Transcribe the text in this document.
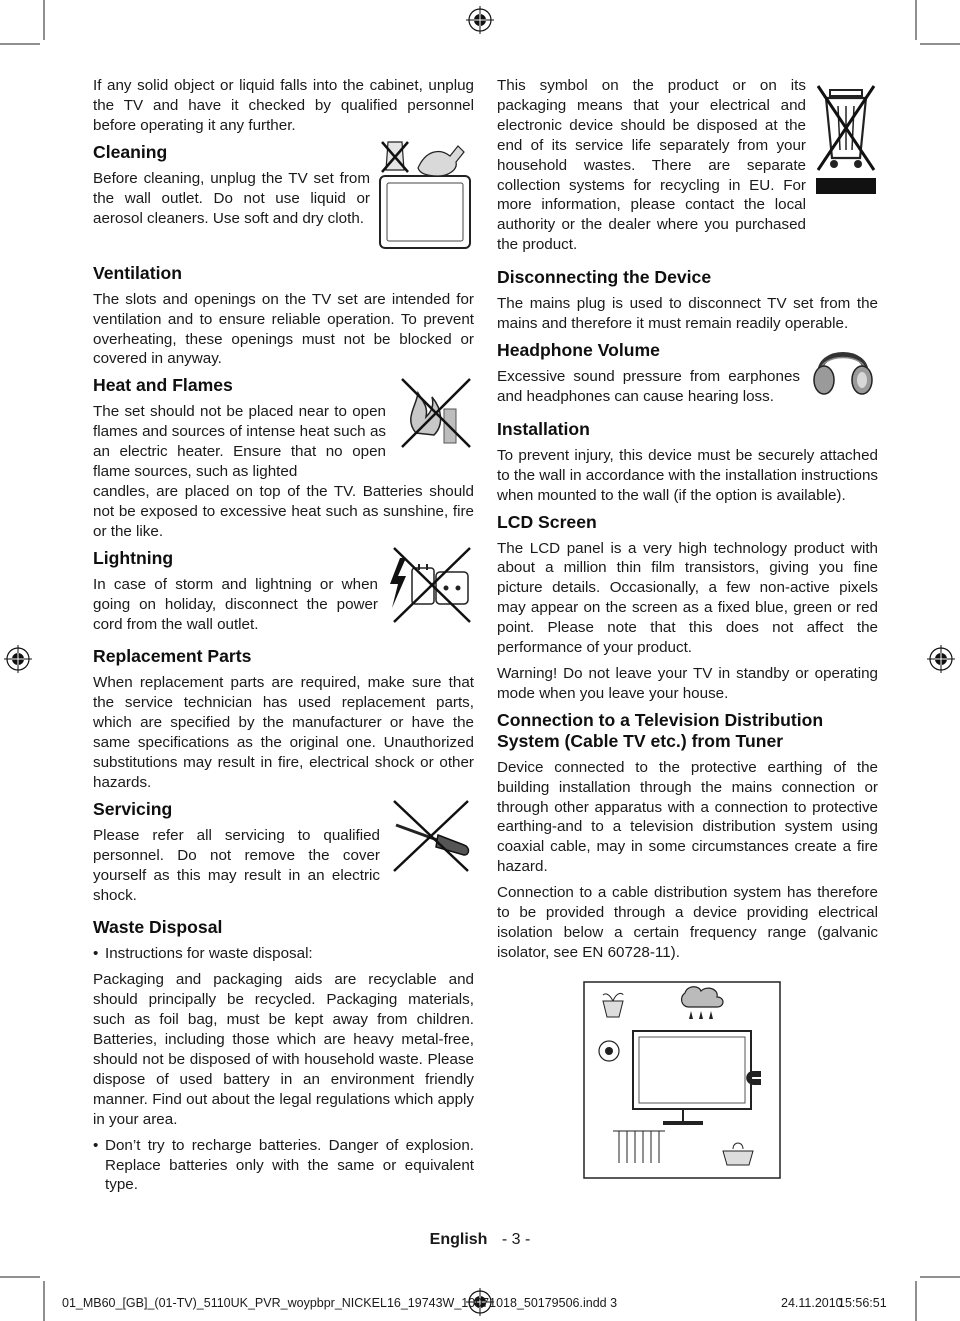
If any solid object or liquid falls into the cabinet, unplug the TV and have it checked by qualified personnel before operating it any further.

Cleaning

Before cleaning, unplug the TV set from the wall outlet. Do not use liquid or aerosol cleaners. Use soft and dry cloth.

Ventilation

The slots and openings on the TV set are intended for ventilation and to ensure reliable operation. To prevent overheating, these openings must not be blocked or covered in anyway.

Heat and Flames

The set should not be placed near to open flames and sources of intense heat such as an electric heater. Ensure that no open flame sources, such as lighted

candles, are placed on top of the TV. Batteries should not be exposed to excessive heat such as sunshine, fire or the like.

Lightning

In case of storm and lightning or when going on holiday, disconnect the power cord from the wall outlet.

Replacement Parts

When replacement parts are required, make sure that the service technician has used replacement parts, which are specified by the manufacturer or have the same specifications as the original one. Unauthorized substitutions may result in fire, electrical shock or other hazards.

Servicing

Please refer all servicing to qualified personnel. Do not remove the cover yourself as this may result in an electric shock.

Waste Disposal
• Instructions for waste disposal:

Packaging and packaging aids are recyclable and should principally be recycled. Packaging materials, such as foil bag, must be kept away from children. Batteries, including those which are heavy metal-free, should not be disposed of with household waste. Please dispose of used battery in an environment friendly manner. Find out about the legal regulations which apply in your area.

• Don’t try to recharge batteries. Danger of explosion. Replace batteries only with the same or equivalent type.

This symbol on the product or on its packaging means that your electrical and electronic device should be disposed at the end of its service life separately from your household wastes. There are separate collection systems for recycling in EU. For more information, please contact the local authority or the dealer where you purchased the product.

Disconnecting the Device

The mains plug is used to disconnect TV set from the mains and therefore it must remain readily operable.

Headphone Volume

Excessive sound pressure from earphones and headphones can cause hearing loss.

Installation

To prevent injury, this device must be securely attached to the wall in accordance with the installation instructions when mounted to the wall (if the option is available).

LCD Screen

The LCD panel is a very high technology product with about a million thin film transistors, giving you fine picture details. Occasionally, a few non-active pixels may appear on the screen as a fixed blue, green or red point. Please note that this does not affect the performance of your product.

Warning! Do not leave your TV in standby or operating mode when you leave your house.

Connection to a Television Distribution System (Cable TV etc.) from Tuner

Device connected to the protective earthing of the building installation through the mains connection or through other apparatus with a connection to protective earthing-and to a television distribution system using coaxial cable, may in some circumstances create a fire hazard.

Connection to a cable distribution system has therefore to be provided through a device providing electrical isolation below a certain frequency range (galvanic isolator, see EN 60728-11).

English - 3 -
01_MB60_[GB]_(01-TV)_5110UK_PVR_woypbpr_NICKEL16_19743W_10071018_50179506.indd 3	24.11.2010
15:56:51
